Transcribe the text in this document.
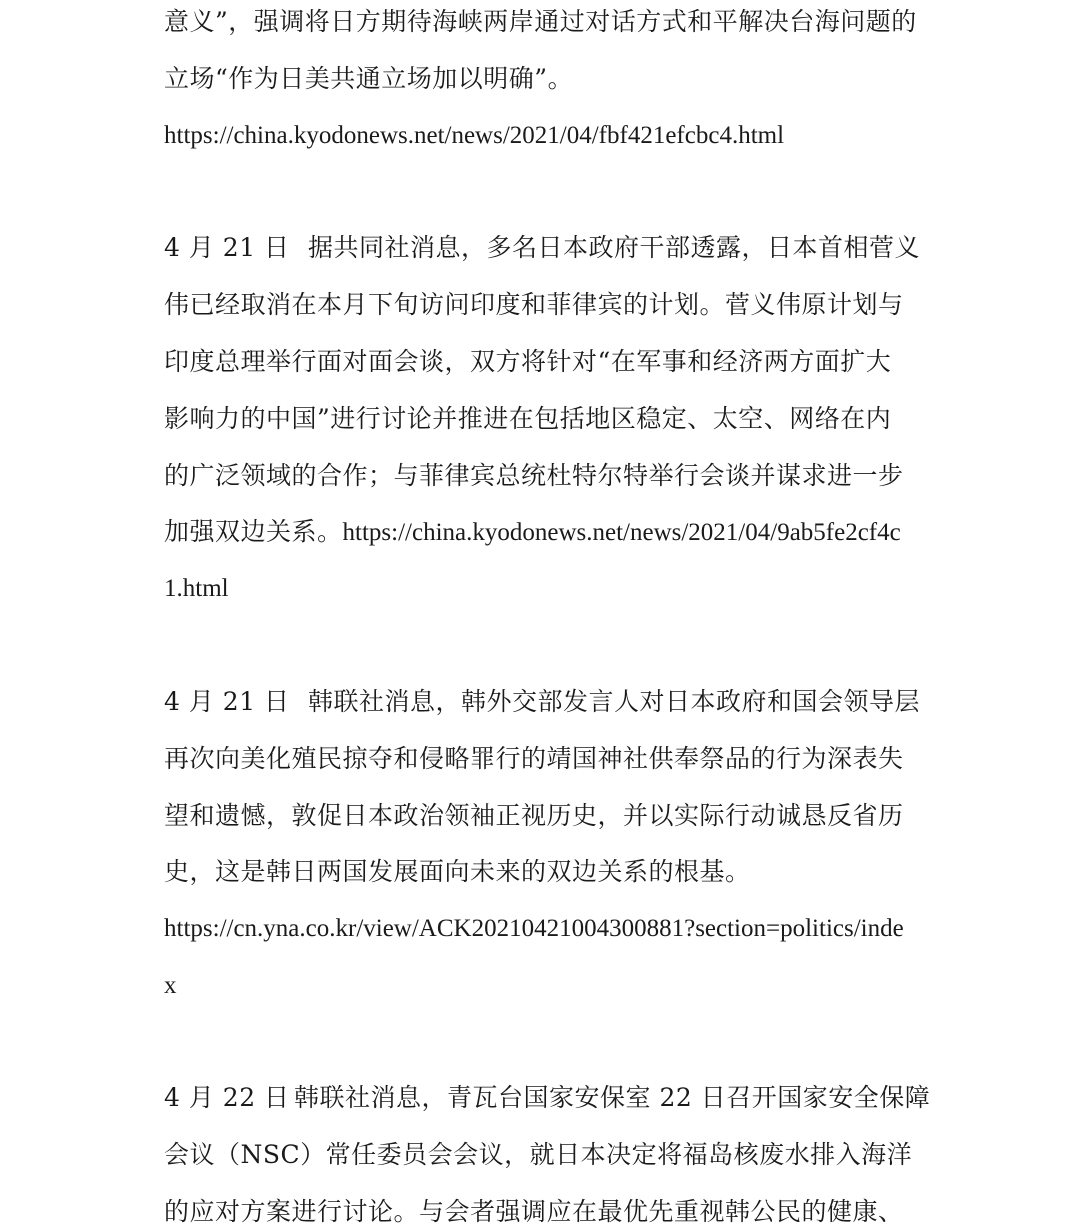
意义”，强调将日方期待海峡两岸通过对话方式和平解决台海问题的
立场“作为日美共通立场加以明确”。
https://china.kyodonews.net/news/2021/04/fbf421efcbc4.html
4 月 21 日 据共同社消息，多名日本政府干部透露，日本首相菅义
伟已经取消在本月下旬访问印度和菲律宾的计划。菅义伟原计划与
印度总理举行面对面会谈，双方将针对“在军事和经济两方面扩大
影响力的中国”进行讨论并推进在包括地区稳定、太空、网络在内
的广泛领域的合作；与菲律宾总统杜特尔特举行会谈并谋求进一步
加强双边关系。https://china.kyodonews.net/news/2021/04/9ab5fe2cf4c
1.html
4 月 21 日 韩联社消息，韩外交部发言人对日本政府和国会领导层
再次向美化殖民掠夺和侵略罪行的靖国神社供奉祭品的行为深表失
望和遗憾，敦促日本政治领袖正视历史，并以实际行动诚恳反省历
史，这是韩日两国发展面向未来的双边关系的根基。
https://cn.yna.co.kr/view/ACK20210421004300881?section=politics/inde
x
4 月 22 日 韩联社消息，青瓦台国家安保室 22 日召开国家安全保障
会议（NSC）常任委员会会议，就日本决定将福岛核废水排入海洋
的应对方案进行讨论。与会者强调应在最优先重视韩公民的健康、
